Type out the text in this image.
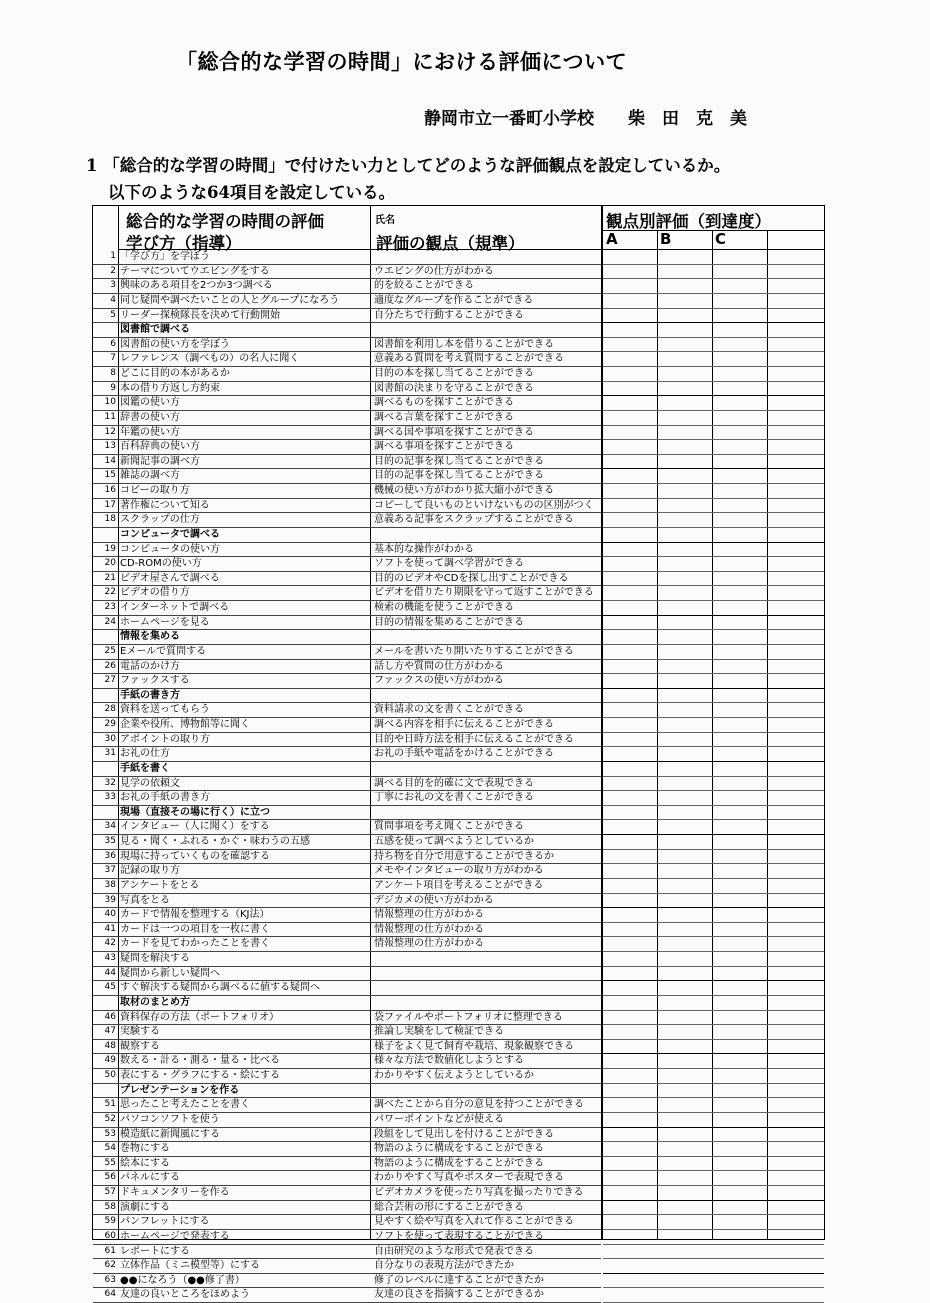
「総合的な学習の時間」における評価について
静岡市立一番町小学校　　柴　田　克　美
1 「総合的な学習の時間」で付けたい力としてどのような評価観点を設定しているか。
以下のような64項目を設定している。
総合的な学習の時間の評価
学び方（指導）
氏名
評価の観点（規準）
1 「学び方」を学ぼう
2 テーマについてウエビングをする	ウエビングの仕方がわかる
3 興味のある項目を2つか3つ調べる	的を絞ることができる
4 同じ疑問や調べたいことの人とグループになろう	適度なグループを作ることができる
5 リーダー探検隊長を決めて行動開始	自分たちで行動することができる
図書館で調べる
6 図書館の使い方を学ぼう	図書館を利用し本を借りることができる
7 レファレンス（調べもの）の名人に聞く	意義ある質問を考え質問することができる
8 どこに目的の本があるか	目的の本を探し当てることができる
9 本の借り方返し方約束	図書館の決まりを守ることができる
10 図鑑の使い方	調べるものを探すことができる
11 辞書の使い方	調べる言葉を探すことができる
12 年鑑の使い方	調べる国や事項を探すことができる
13 百科辞典の使い方	調べる事項を探すことができる
14 新聞記事の調べ方	目的の記事を探し当てることができる
15 雑誌の調べ方	目的の記事を探し当てることができる
16 コピーの取り方	機械の使い方がわかり拡大縮小ができる
17 著作権について知る	コピーして良いものといけないものの区別がつく
18 スクラップの仕方	意義ある記事をスクラップすることができる
コンピュータで調べる
19 コンピュータの使い方	基本的な操作がわかる
20 CD-ROMの使い方	ソフトを使って調べ学習ができる
21 ビデオ屋さんで調べる	目的のビデオやCDを探し出すことができる
22 ビデオの借り方	ビデオを借りたり期限を守って返すことができる
23 インターネットで調べる	検索の機能を使うことができる
24 ホームページを見る	目的の情報を集めることができる
情報を集める
25 Eメールで質問する	メールを書いたり開いたりすることができる
26 電話のかけ方	話し方や質問の仕方がわかる
27 ファックスする	ファックスの使い方がわかる
手紙の書き方
28 資料を送ってもらう	資料請求の文を書くことができる
29 企業や役所、博物館等に聞く	調べる内容を相手に伝えることができる
30 アポイントの取り方	目的や日時方法を相手に伝えることができる
31 お礼の仕方	お礼の手紙や電話をかけることができる
手紙を書く
32 見学の依頼文	調べる目的を的確に文で表現できる
33 お礼の手紙の書き方	丁寧にお礼の文を書くことができる
現場（直接その場に行く）に立つ
34 インタビュー（人に聞く）をする	質問事項を考え聞くことができる
35 見る・聞く・ふれる・かぐ・味わうの五感	五感を使って調べようとしているか
36 現場に持っていくものを確認する	持ち物を自分で用意することができるか
37 記録の取り方	メモやインタビューの取り方がわかる
38 アンケートをとる	アンケート項目を考えることができる
39 写真をとる	デジカメの使い方がわかる
40 カードで情報を整理する（KJ法）	情報整理の仕方がわかる
41 カードは一つの項目を一枚に書く	情報整理の仕方がわかる
42 カードを見てわかったことを書く	情報整理の仕方がわかる
43 疑問を解決する
44 疑問から新しい疑問へ
45 すぐ解決する疑問から調べるに値する疑問へ
取材のまとめ方
46 資料保存の方法（ポートフォリオ）	袋ファイルやポートフォリオに整理できる
47 実験する	推論し実験をして検証できる
48 観察する	様子をよく見て飼育や栽培、現象観察できる
49 数える・計る・測る・量る・比べる	様々な方法で数値化しようとする
50 表にする・グラフにする・絵にする	わかりやすく伝えようとしているか
プレゼンテーションを作る
51 思ったこと考えたことを書く	調べたことから自分の意見を持つことができる
52 パソコンソフトを使う	パワーポイントなどが使える
53 模造紙に新聞風にする	段組をして見出しを付けることができる
54 巻物にする	物語のように構成をすることができる
55 絵本にする	物語のように構成をすることができる
56 パネルにする	わかりやすく写真やポスターで表現できる
57 ドキュメンタリーを作る	ビデオカメラを使ったり写真を撮ったりできる
58 演劇にする	総合芸術の形にすることができる
59 パンフレットにする	見やすく絵や写真を入れて作ることができる
60 ホームページで発表する	ソフトを使って表現することができる
61 レポートにする	自由研究のような形式で発表できる
62 立体作品（ミニ模型等）にする	自分なりの表現方法ができたか
63 ●●になろう（●●修了書）	修了のレベルに達することができたか
64 友達の良いところをほめよう	友達の良さを指摘することができるか
観点別評価（到達度）
A	B	C
